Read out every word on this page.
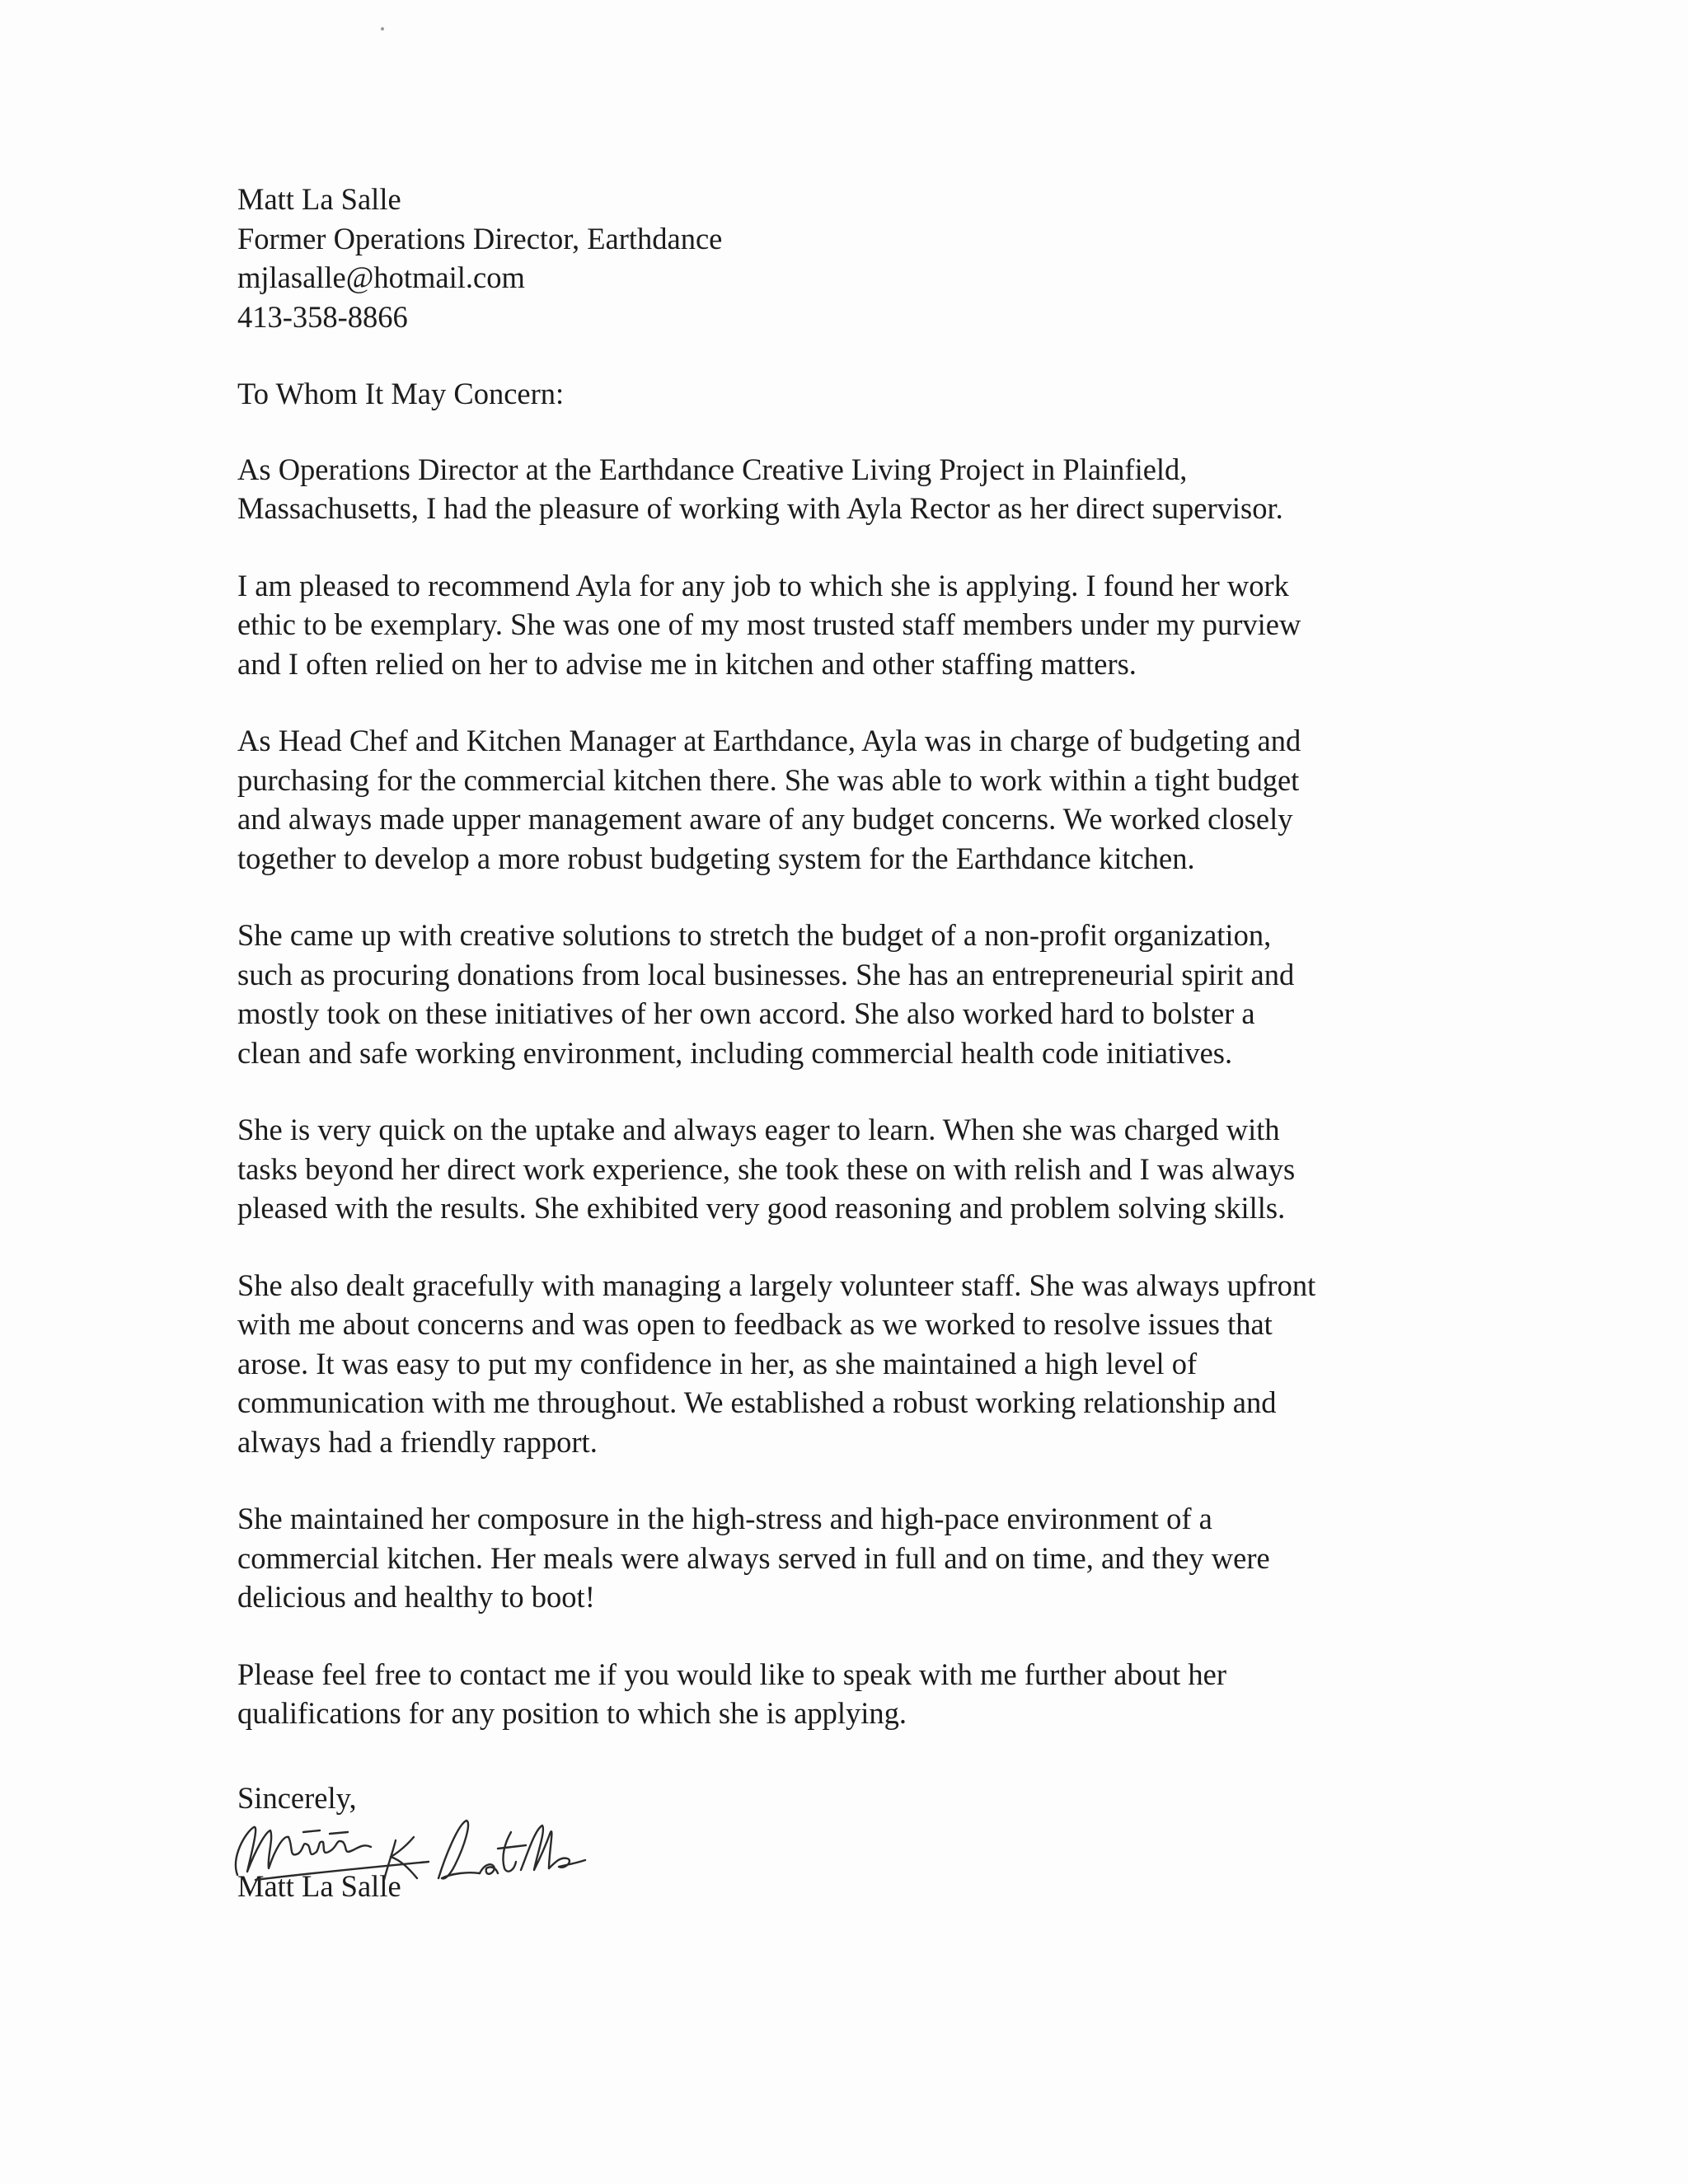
Matt La Salle
Former Operations Director, Earthdance
mjlasalle@hotmail.com
413-358-8866
To Whom It May Concern:
As Operations Director at the Earthdance Creative Living Project in Plainfield,
Massachusetts, I had the pleasure of working with Ayla Rector as her direct supervisor.
I am pleased to recommend Ayla for any job to which she is applying. I found her work
ethic to be exemplary. She was one of my most trusted staff members under my purview
and I often relied on her to advise me in kitchen and other staffing matters.
As Head Chef and Kitchen Manager at Earthdance, Ayla was in charge of budgeting and
purchasing for the commercial kitchen there. She was able to work within a tight budget
and always made upper management aware of any budget concerns. We worked closely
together to develop a more robust budgeting system for the Earthdance kitchen.
She came up with creative solutions to stretch the budget of a non-profit organization,
such as procuring donations from local businesses. She has an entrepreneurial spirit and
mostly took on these initiatives of her own accord. She also worked hard to bolster a
clean and safe working environment, including commercial health code initiatives.
She is very quick on the uptake and always eager to learn. When she was charged with
tasks beyond her direct work experience, she took these on with relish and I was always
pleased with the results. She exhibited very good reasoning and problem solving skills.
She also dealt gracefully with managing a largely volunteer staff. She was always upfront
with me about concerns and was open to feedback as we worked to resolve issues that
arose. It was easy to put my confidence in her, as she maintained a high level of
communication with me throughout. We established a robust working relationship and
always had a friendly rapport.
She maintained her composure in the high-stress and high-pace environment of a
commercial kitchen. Her meals were always served in full and on time, and they were
delicious and healthy to boot!
Please feel free to contact me if you would like to speak with me further about her
qualifications for any position to which she is applying.
Sincerely,
Matt La Salle
